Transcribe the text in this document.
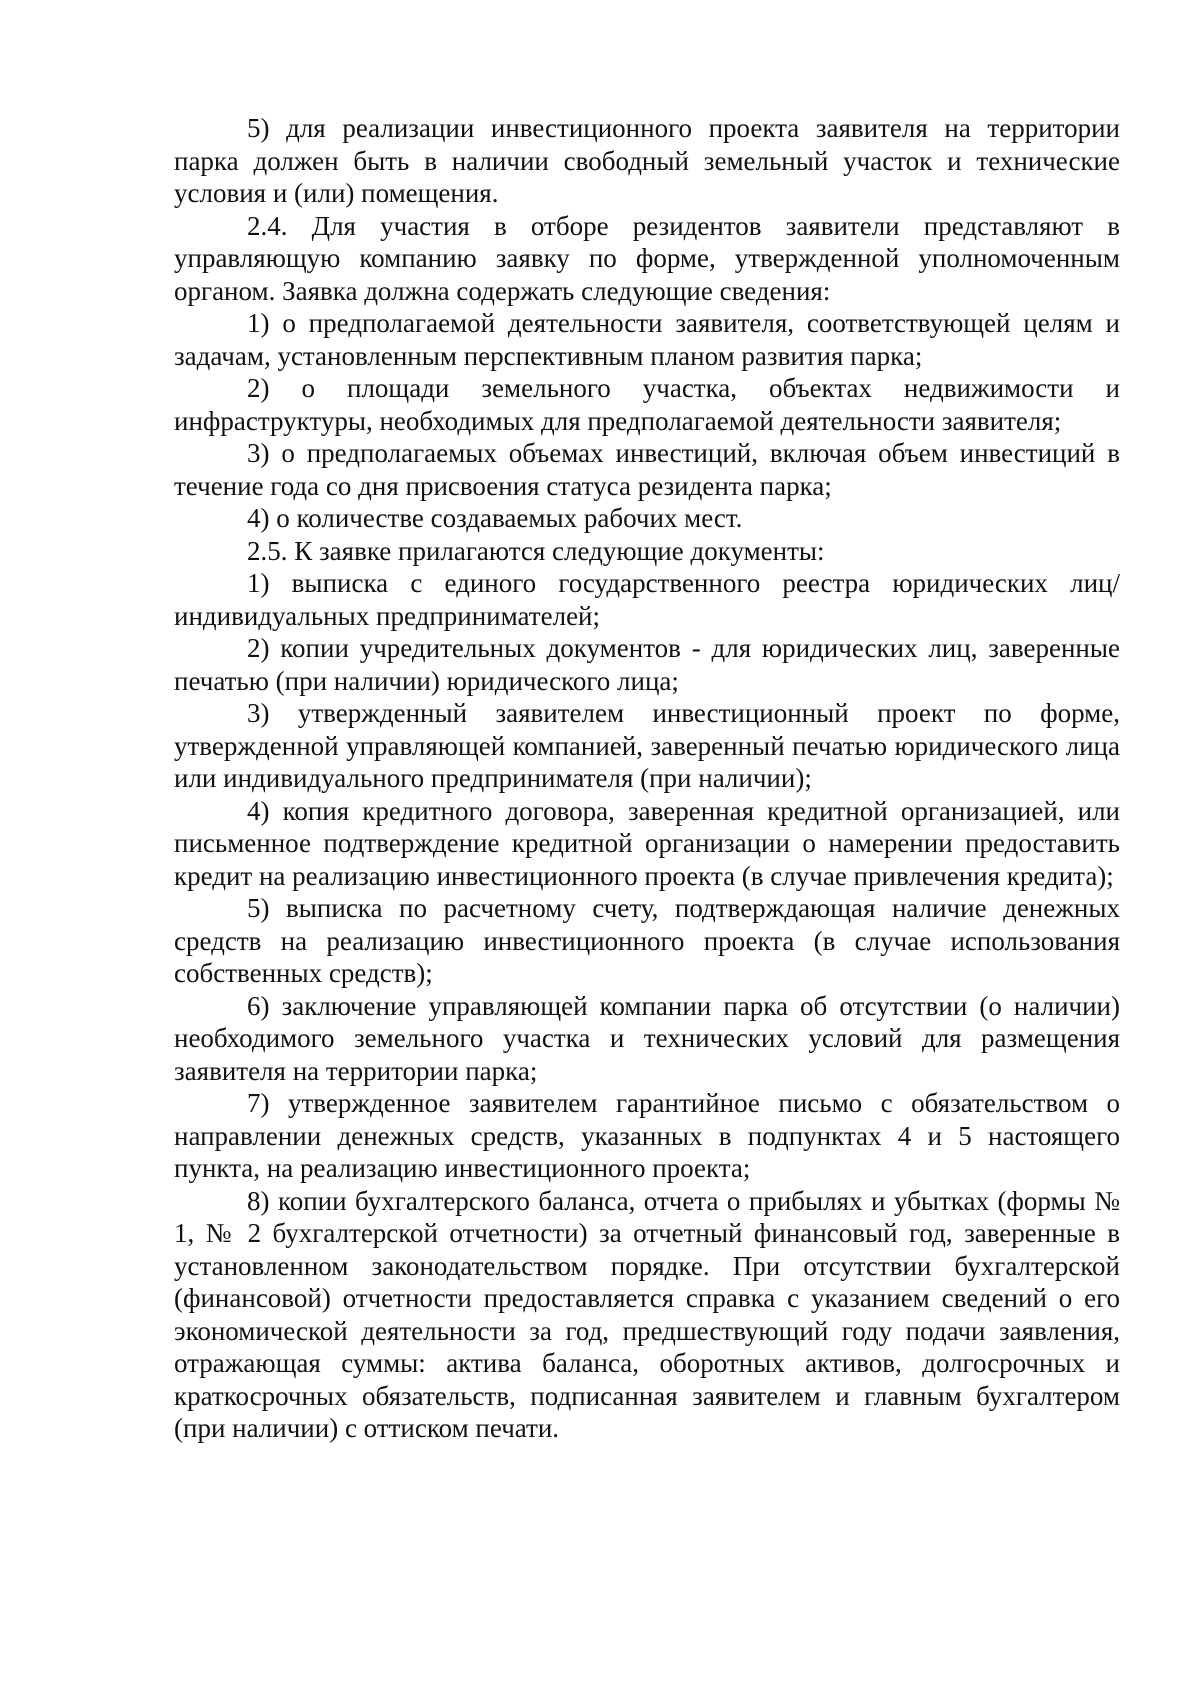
5) для реализации инвестиционного проекта заявителя на территории парка должен быть в наличии свободный земельный участок и технические условия и (или) помещения.

2.4. Для участия в отборе резидентов заявители представляют в управляющую компанию заявку по форме, утвержденной уполномоченным органом. Заявка должна содержать следующие сведения:

1) о предполагаемой деятельности заявителя, соответствующей целям и задачам, установленным перспективным планом развития парка;

2) о площади земельного участка, объектах недвижимости и инфраструктуры, необходимых для предполагаемой деятельности заявителя;

3) о предполагаемых объемах инвестиций, включая объем инвестиций в течение года со дня присвоения статуса резидента парка;

4) о количестве создаваемых рабочих мест.

2.5. К заявке прилагаются следующие документы:

1) выписка с единого государственного реестра юридических лиц/ индивидуальных предпринимателей;

2) копии учредительных документов - для юридических лиц, заверенные печатью (при наличии) юридического лица;

3) утвержденный заявителем инвестиционный проект по форме, утвержденной управляющей компанией, заверенный печатью юридического лица или индивидуального предпринимателя (при наличии);

4) копия кредитного договора, заверенная кредитной организацией, или письменное подтверждение кредитной организации о намерении предоставить кредит на реализацию инвестиционного проекта (в случае привлечения кредита);

5) выписка по расчетному счету, подтверждающая наличие денежных средств на реализацию инвестиционного проекта (в случае использования собственных средств);

6) заключение управляющей компании парка об отсутствии (о наличии) необходимого земельного участка и технических условий для размещения заявителя на территории парка;

7) утвержденное заявителем гарантийное письмо с обязательством о направлении денежных средств, указанных в подпунктах 4 и 5 настоящего пункта, на реализацию инвестиционного проекта;

8) копии бухгалтерского баланса, отчета о прибылях и убытках (формы № 1, № 2 бухгалтерской отчетности) за отчетный финансовый год, заверенные в установленном законодательством порядке. При отсутствии бухгалтерской (финансовой) отчетности предоставляется справка с указанием сведений о его экономической деятельности за год, предшествующий году подачи заявления, отражающая суммы: актива баланса, оборотных активов, долгосрочных и краткосрочных обязательств, подписанная заявителем и главным бухгалтером (при наличии) с оттиском печати.
